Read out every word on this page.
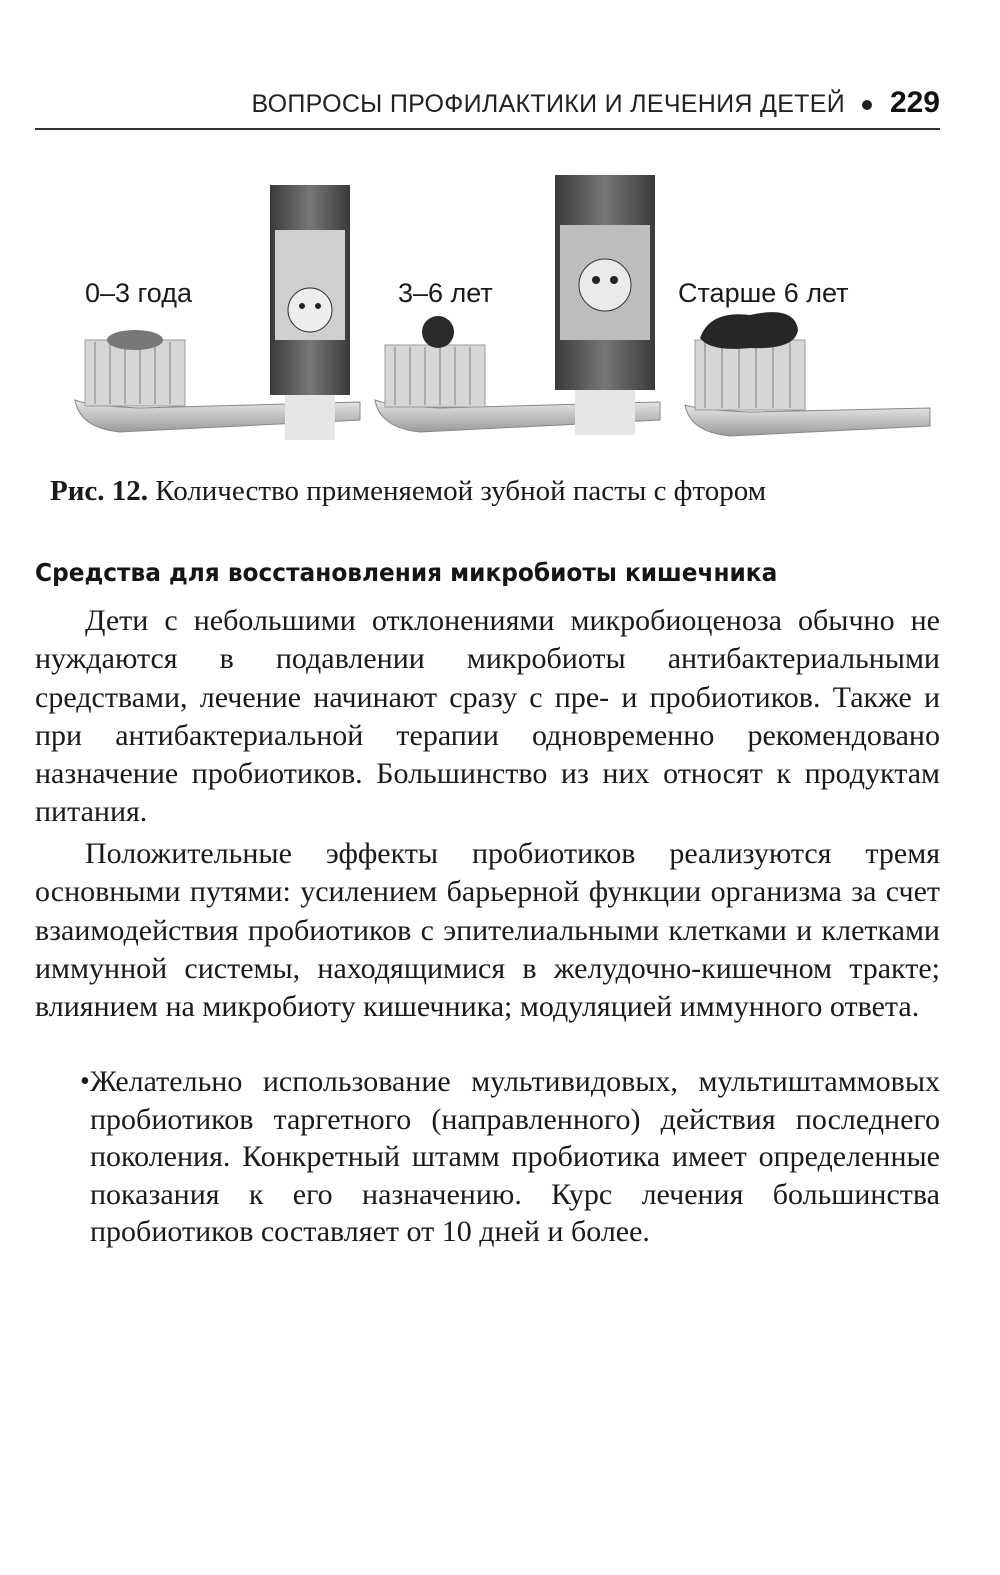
ВОПРОСЫ ПРОФИЛАКТИКИ И ЛЕЧЕНИЯ ДЕТЕЙ 229
0–3 года	3–6 лет	Старше 6 лет
Рис. 12. Количество применяемой зубной пасты с фтором
Средства для восстановления микробиоты кишечника

Дети с небольшими отклонениями микробиоценоза обычно не нуждаются в подавлении микробиоты антибактериальными средствами, лечение начинают сразу с пре- и пробиотиков. Также и при антибактериальной терапии одновременно рекомендовано назначение пробиотиков. Большинство из них относят к продуктам питания.

Положительные эффекты пробиотиков реализуются тремя основными путями: усилением барьерной функции организма за счет взаимодействия пробиотиков с эпителиальными клетками и клетками иммунной системы, находящимися в желудочно-кишечном тракте; влиянием на микробиоту кишечника; модуляцией иммунного ответа.

• Желательно использование мультивидовых, мультиштаммовых пробиотиков таргетного (направленного) действия последнего поколения. Конкретный штамм пробиотика имеет определенные показания к его назначению. Курс лечения большинства пробиотиков составляет от 10 дней и более.
